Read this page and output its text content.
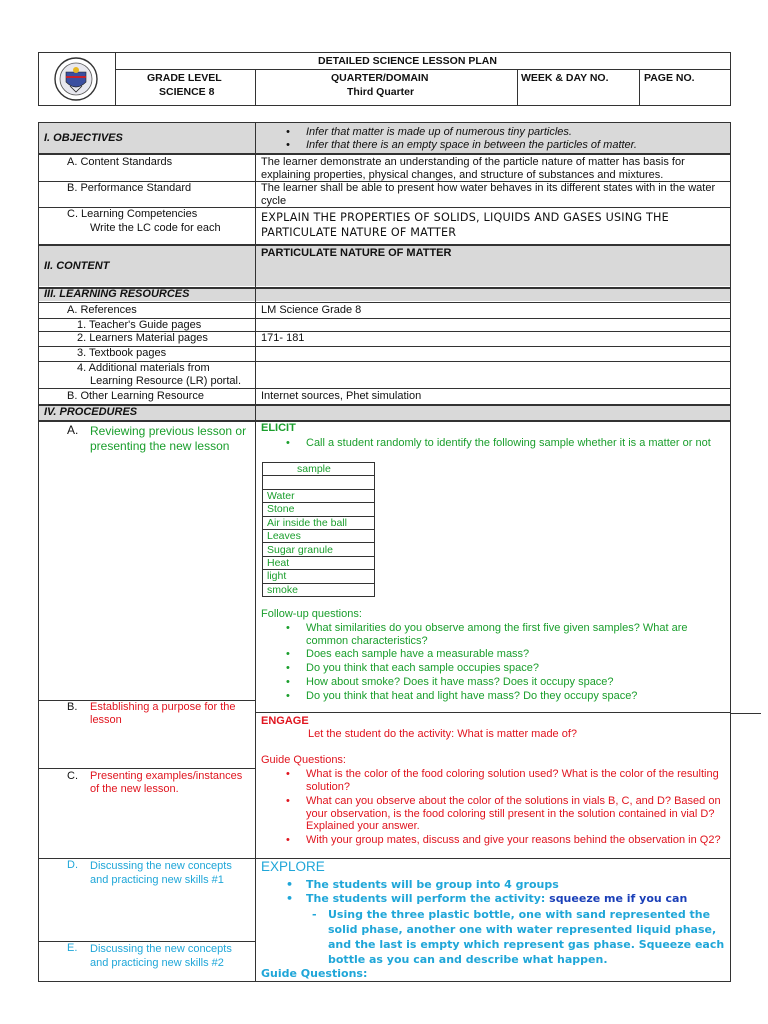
DETAILED SCIENCE LESSON PLAN
GRADE LEVEL
SCIENCE 8
QUARTER/DOMAIN
Third Quarter
WEEK & DAY NO.	PAGE NO.
I. OBJECTIVES
•	Infer that matter is made up of numerous tiny particles.
• Infer that there is an empty space in between the particles of matter.
A. Content Standards	The learner demonstrate an understanding of the particle nature of matter has basis for explaining properties, physical changes, and structure of substances and mixtures.
B. Performance Standard	The learner shall be able to present how water behaves in its different states with in the water cycle
C. Learning Competencies
Write the LC code for each
EXPLAIN THE PROPERTIES OF SOLIDS, LIQUIDS AND GASES USING THE PARTICULATE NATURE OF MATTER
II. CONTENT
PARTICULATE NATURE OF MATTER
III. LEARNING RESOURCES
A. References	LM Science Grade 8
1. Teacher's Guide pages
2. Learners Material pages	171- 181
3. Textbook pages
4. Additional materials from
Learning Resource (LR) portal.
B. Other Learning Resource	Internet sources, Phet simulation
IV. PROCEDURES
A. Reviewing previous lesson or presenting the new lesson
ELICIT
• Call a student randomly to identify the following sample whether it is a matter or not
sample

Water
Stone
Air inside the ball
Leaves
Sugar granule
Heat
light
smoke
Follow-up questions:
• What similarities do you observe among the first five given samples? What are common characteristics?
• Does each sample have a measurable mass?
• Do you think that each sample occupies space?
• How about smoke? Does it have mass? Does it occupy space?
• Do you think that heat and light have mass? Do they occupy space?
B. Establishing a purpose for the lesson	ENGAGE
Let the student do the activity: What is matter made of?
Guide Questions:
• What is the color of the food coloring solution used? What is the color of the resulting solution?
• What can you observe about the color of the solutions in vials B, C, and D? Based on your observation, is the food coloring still present in the solution contained in vial D? Explained your answer.
• With your group mates, discuss and give your reasons behind the observation in Q2?
C. Presenting examples/instances of the new lesson.
D. Discussing the new concepts and practicing new skills #1
EXPLORE
• The students will be group into 4 groups
• The students will perform the activity: squeeze me if you can
- Using the three plastic bottle, one with sand represented the solid phase, another one with water represented liquid phase, and the last is empty which represent gas phase. Squeeze each bottle as you can and describe what happen.
Guide Questions:
E. Discussing the new concepts and practicing new skills #2
